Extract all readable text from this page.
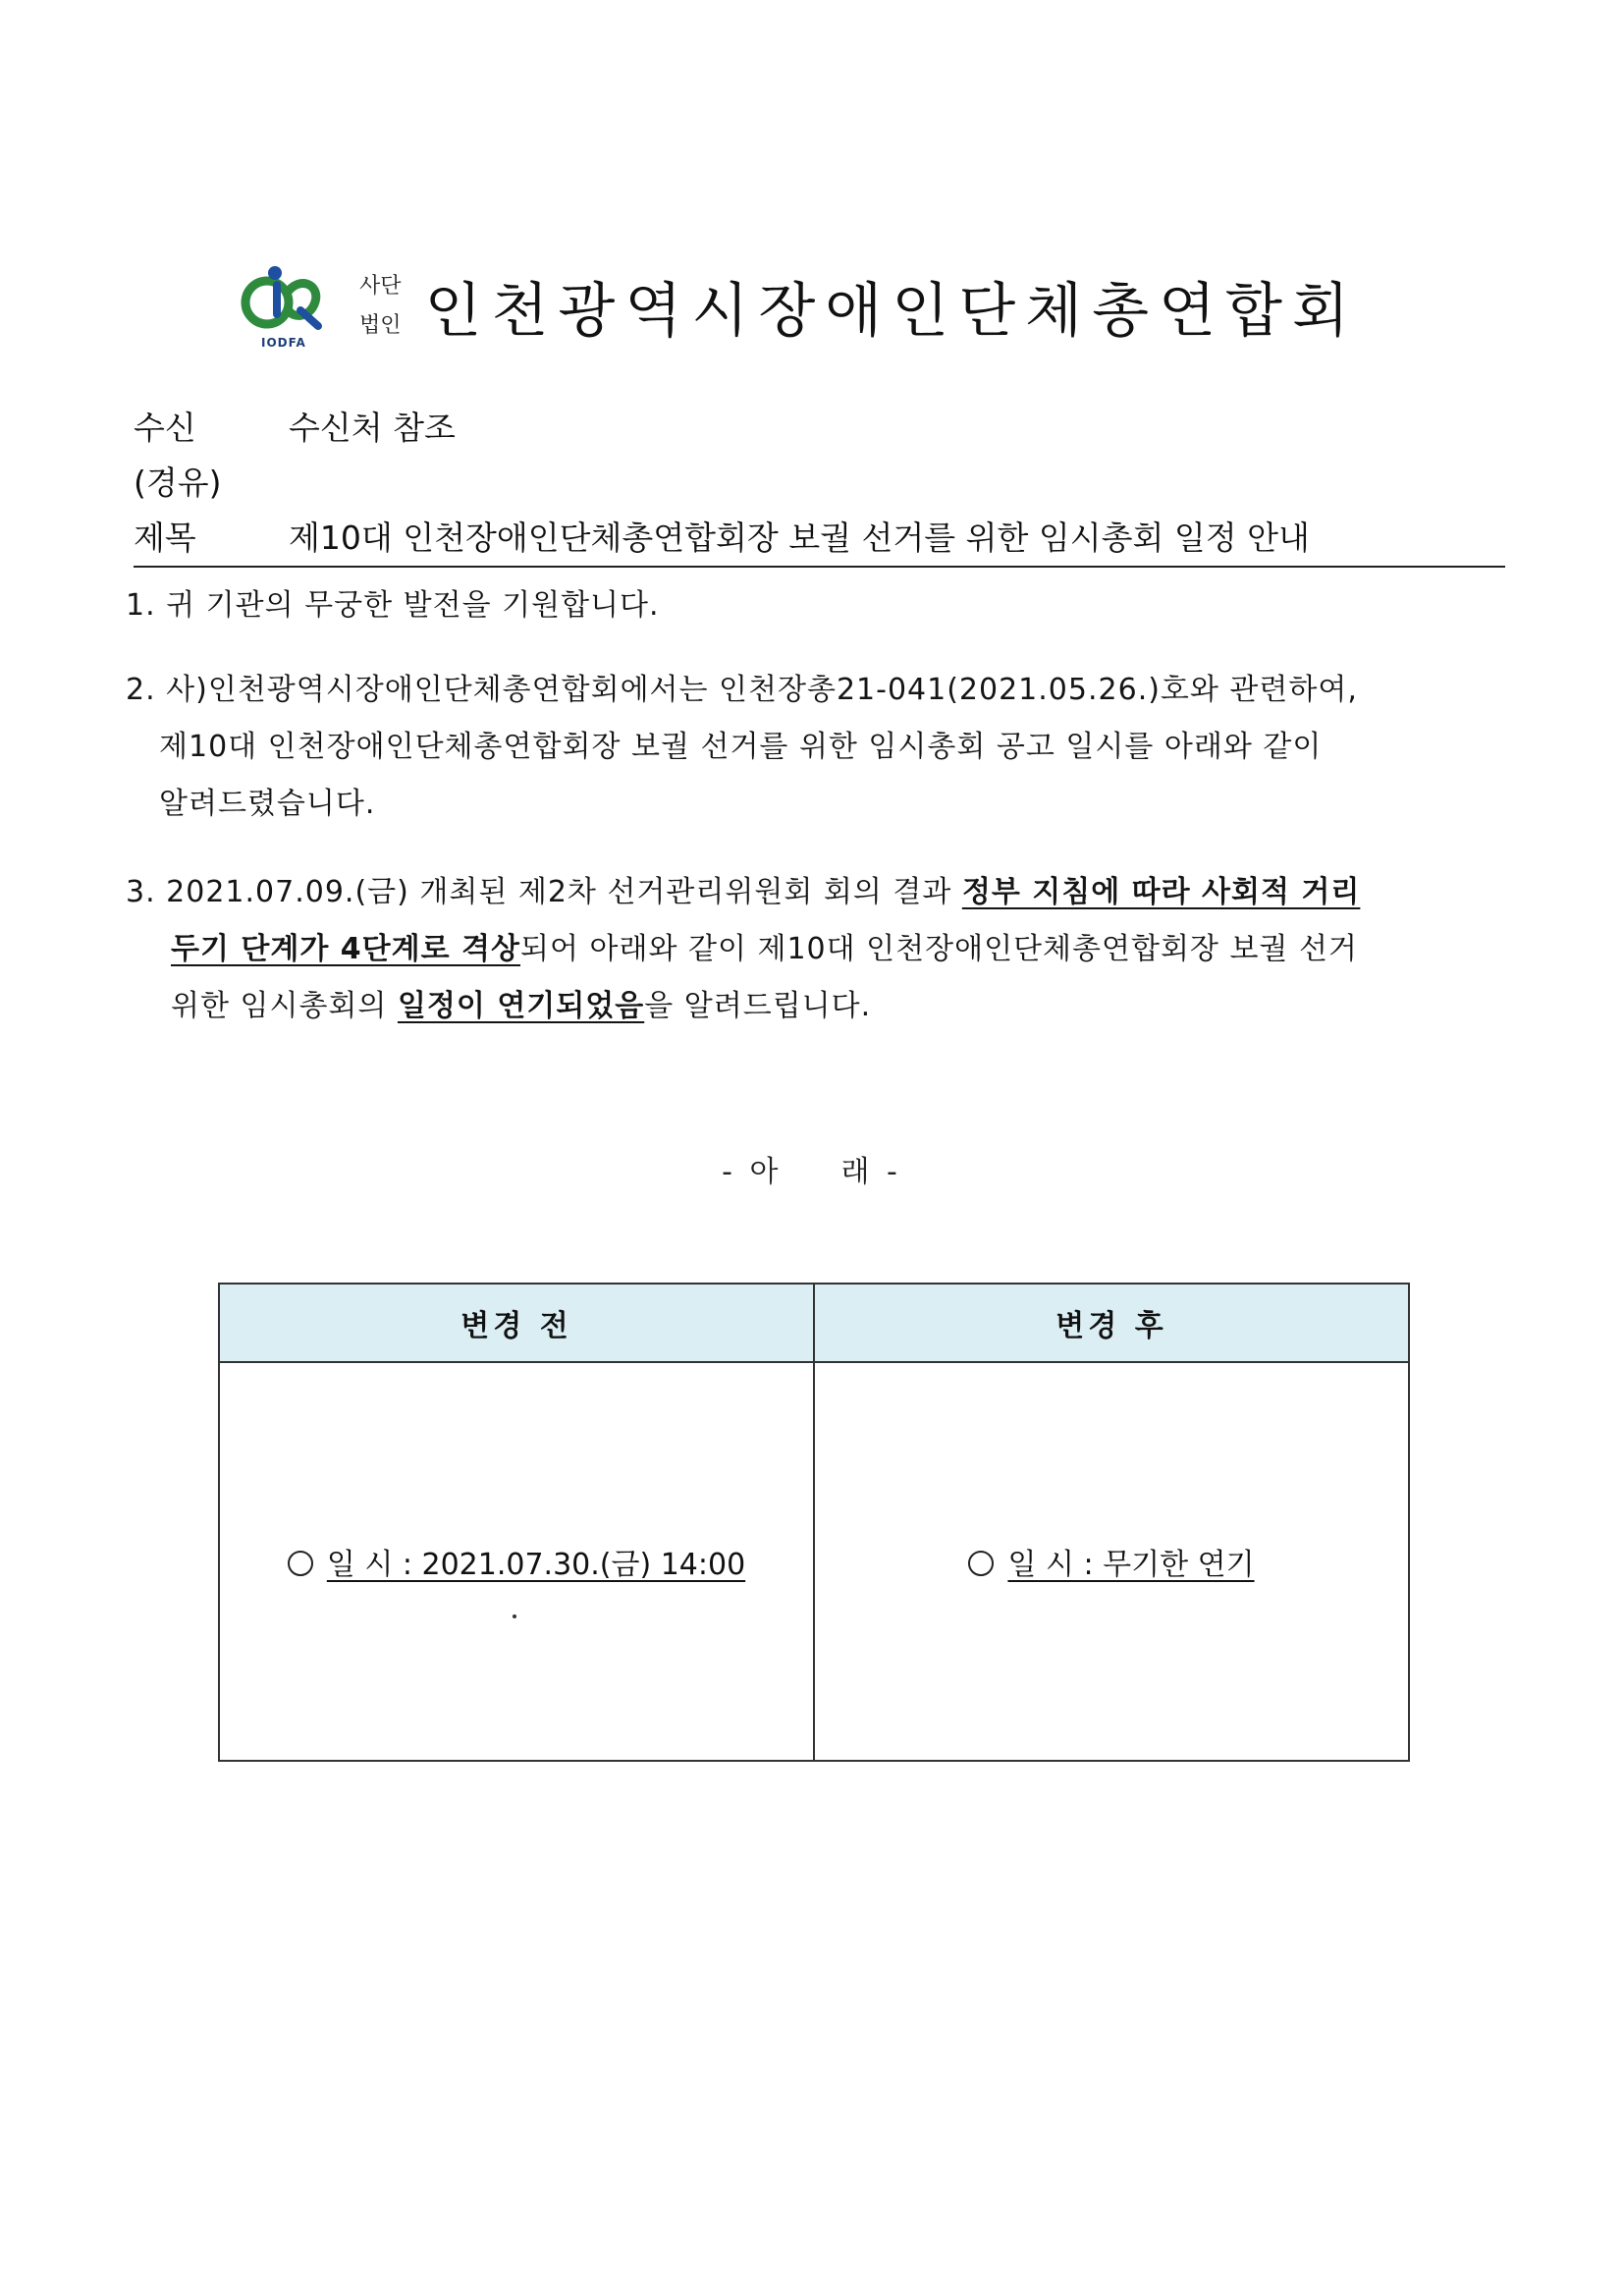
IODFA
사단
법인 인천광역시장애인단체총연합회
수신	수신처 참조
(경유)
제목	제10대 인천장애인단체총연합회장 보궐 선거를 위한 임시총회 일정 안내
1. 귀 기관의 무궁한 발전을 기원합니다.
2. 사)인천광역시장애인단체총연합회에서는 인천장총21-041(2021.05.26.)호와 관련하여,
제10대 인천장애인단체총연합회장 보궐 선거를 위한 임시총회 공고 일시를 아래와 같이
알려드렸습니다.
3. 2021.07.09.(금) 개최된 제2차 선거관리위원회 회의 결과 정부 지침에 따라 사회적 거리
두기 단계가 4단계로 격상되어 아래와 같이 제10대 인천장애인단체총연합회장 보궐 선거
위한 임시총회의 일정이 연기되었음을 알려드립니다.
- 아 래 -
변경 전	변경 후

일 시 : 2021.07.30.(금) 14:00	일 시 : 무기한 연기
